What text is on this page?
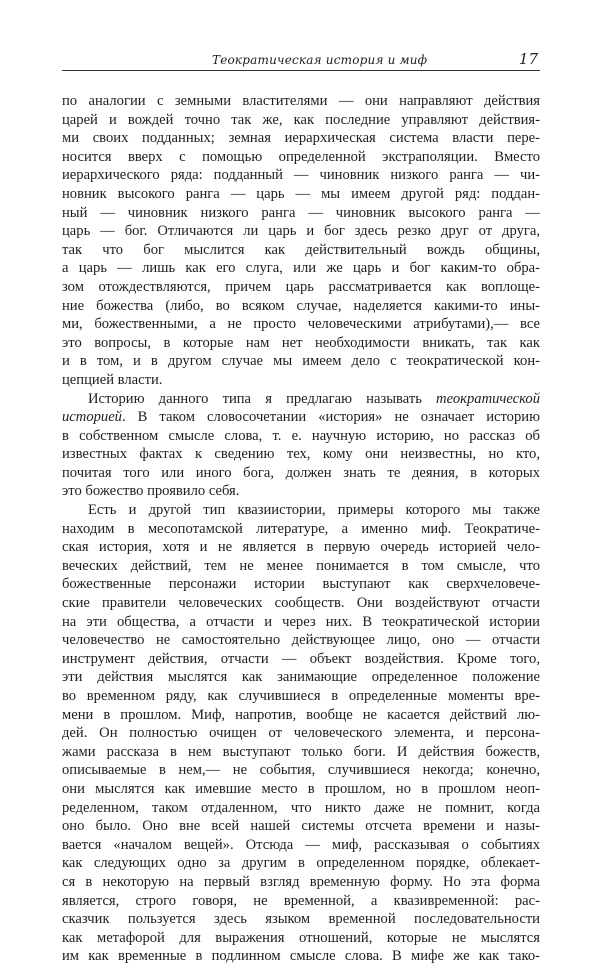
Теократическая история и миф	17

по аналогии с земными властителями — они направляют действия
царей и вождей точно так же, как последние управляют действия-
ми своих подданных; земная иерархическая система власти пере-
носится вверх с помощью определенной экстраполяции. Вместо
иерархического ряда: подданный — чиновник низкого ранга — чи-
новник высокого ранга — царь — мы имеем другой ряд: поддан-
ный — чиновник низкого ранга — чиновник высокого ранга —
царь — бог. Отличаются ли царь и бог здесь резко друг от друга,
так что бог мыслится как действительный вождь общины,
а царь — лишь как его слуга, или же царь и бог каким-то обра-
зом отождествляются, причем царь рассматривается как воплоще-
ние божества (либо, во всяком случае, наделяется какими-то ины-
ми, божественными, а не просто человеческими атрибутами),— все
это вопросы, в которые нам нет необходимости вникать, так как
и в том, и в другом случае мы имеем дело с теократической кон-
цепцией власти.

Историю данного типа я предлагаю называть теократической
историей. В таком словосочетании «история» не означает историю
в собственном смысле слова, т. е. научную историю, но рассказ об
известных фактах к сведению тех, кому они неизвестны, но кто,
почитая того или иного бога, должен знать те деяния, в которых
это божество проявило себя.

Есть и другой тип квазиистории, примеры которого мы также
находим в месопотамской литературе, а именно миф. Теократиче-
ская история, хотя и не является в первую очередь историей чело-
веческих действий, тем не менее понимается в том смысле, что
божественные персонажи истории выступают как сверхчеловече-
ские правители человеческих сообществ. Они воздействуют отчасти
на эти общества, а отчасти и через них. В теократической истории
человечество не самостоятельно действующее лицо, оно — отчасти
инструмент действия, отчасти — объект воздействия. Кроме того,
эти действия мыслятся как занимающие определенное положение
во временном ряду, как случившиеся в определенные моменты вре-
мени в прошлом. Миф, напротив, вообще не касается действий лю-
дей. Он полностью очищен от человеческого элемента, и персона-
жами рассказа в нем выступают только боги. И действия божеств,
описываемые в нем,— не события, случившиеся некогда; конечно,
они мыслятся как имевшие место в прошлом, но в прошлом неоп-
ределенном, таком отдаленном, что никто даже не помнит, когда
оно было. Оно вне всей нашей системы отсчета времени и назы-
вается «началом вещей». Отсюда — миф, рассказывая о событиях
как следующих одно за другим в определенном порядке, облекает-
ся в некоторую на первый взгляд временную форму. Но эта форма
является, строго говоря, не временной, а квазивременной: рас-
сказчик пользуется здесь языком временной последовательности
как метафорой для выражения отношений, которые не мыслятся
им как временные в подлинном смысле слова. В мифе же как тако-
